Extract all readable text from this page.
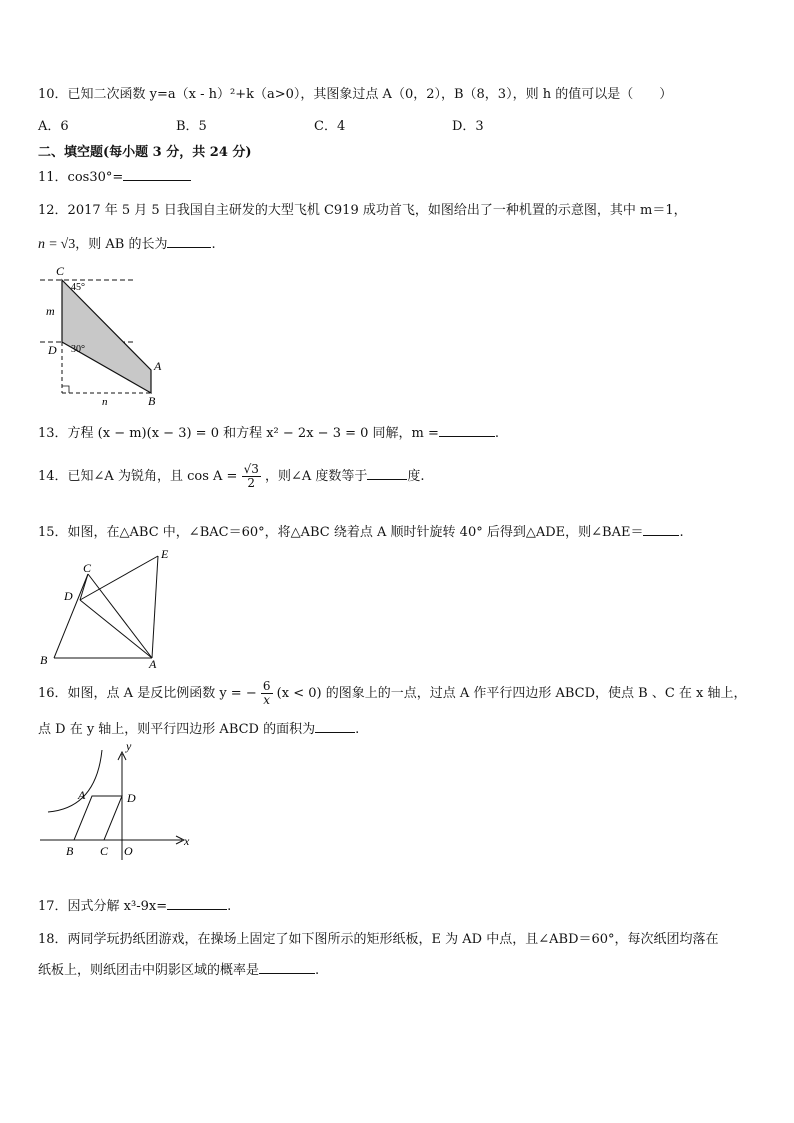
10．已知二次函数 y=a（x - h）²+k（a>0），其图象过点 A（0，2），B（8，3），则 h 的值可以是（　　）
A．6	B．5	C．4	D．3
二、填空题(每小题 3 分，共 24 分)
11．cos30°=
12．2017 年 5 月 5 日我国自主研发的大型飞机 C919 成功首飞，如图给出了一种机置的示意图，其中 m＝1，
n = √3，则 AB 的长为	.
C
D
A
B
m
n
45°
30°
13．方程 (x − m)(x − 3) = 0 和方程 x² − 2x − 3 = 0 同解，m =	.
14．已知∠A 为锐角，且 $\cos A = \frac{√3}{2}$ ，则∠A 度数等于	度.
15．如图，在△ABC 中，∠BAC＝60°，将△ABC 绕着点 A 顺时针旋转 40° 后得到△ADE，则∠BAE＝	.
B	A
C
D
E
16．如图，点 A 是反比例函数 y = − $\frac{6}{x} (x < 0)$ 的图象上的一点，过点 A 作平行四边形 ABCD，使点 B 、C 在 x 轴上，
点 D 在 y 轴上，则平行四边形 ABCD 的面积为	.
y
x
A	D
B C O
17．因式分解 x³-9x=	.
18．两同学玩扔纸团游戏，在操场上固定了如下图所示的矩形纸板，E 为 AD 中点，且∠ABD＝60°，每次纸团均落在
纸板上，则纸团击中阴影区域的概率是	.
